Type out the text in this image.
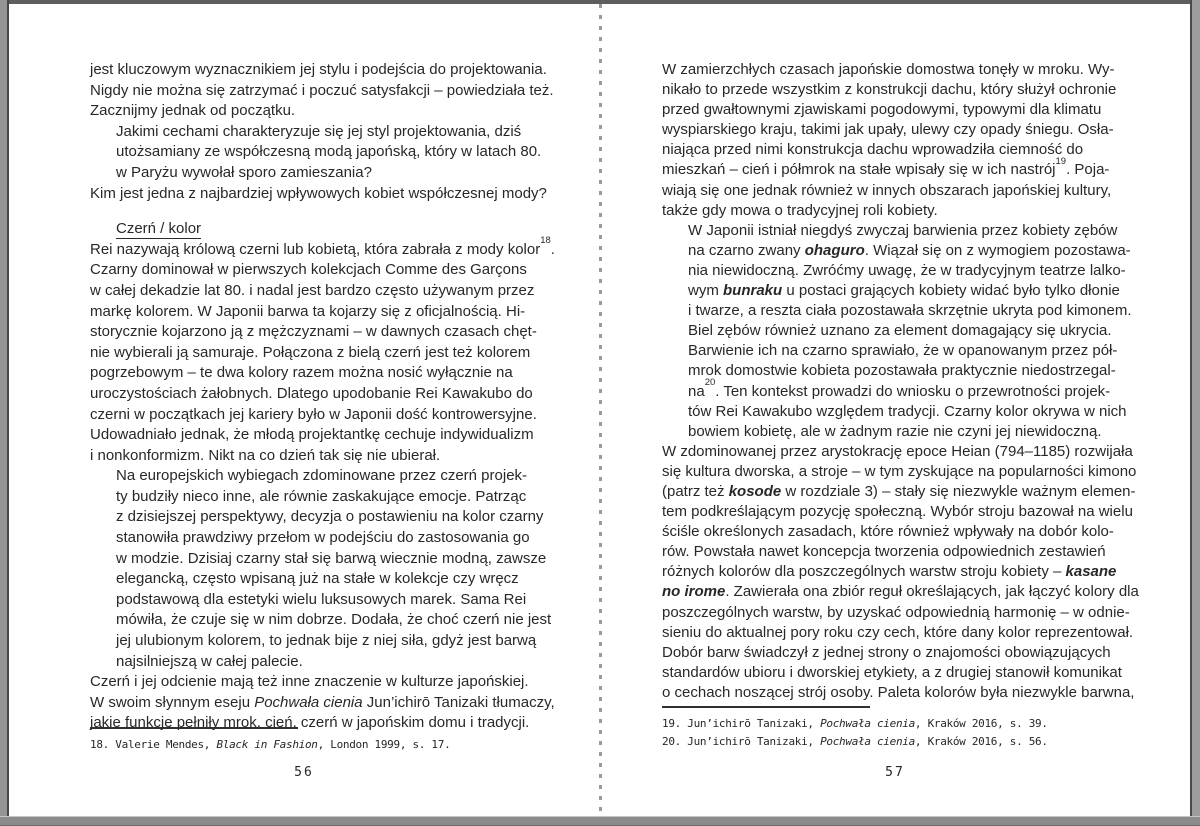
jest kluczowym wyznacznikiem jej stylu i podejścia do projektowania.
Nigdy nie można się zatrzymać i poczuć satysfakcji – powiedziała też.
Zacznijmy jednak od początku.
Jakimi cechami charakteryzuje się jej styl projektowania, dziś
utożsamiany ze współczesną modą japońską, który w latach 80.
w Paryżu wywołał sporo zamieszania?
Kim jest jedna z najbardziej wpływowych kobiet współczesnej mody?
Czerń / kolor
Rei nazywają królową czerni lub kobietą, która zabrała z mody kolor$^{18}$.
Czarny dominował w pierwszych kolekcjach Comme des Garçons
w całej dekadzie lat 80. i nadal jest bardzo często używanym przez
markę kolorem. W Japonii barwa ta kojarzy się z oficjalnością. Hi-
storycznie kojarzono ją z mężczyznami – w dawnych czasach chęt-
nie wybierali ją samuraje. Połączona z bielą czerń jest też kolorem
pogrzebowym – te dwa kolory razem można nosić wyłącznie na
uroczystościach żałobnych. Dlatego upodobanie Rei Kawakubo do
czerni w początkach jej kariery było w Japonii dość kontrowersyjne.
Udowadniało jednak, że młodą projektantkę cechuje indywidualizm
i nonkonformizm. Nikt na co dzień tak się nie ubierał.
Na europejskich wybiegach zdominowane przez czerń projek-
ty budziły nieco inne, ale równie zaskakujące emocje. Patrząc
z dzisiejszej perspektywy, decyzja o postawieniu na kolor czarny
stanowiła prawdziwy przełom w podejściu do zastosowania go
w modzie. Dzisiaj czarny stał się barwą wiecznie modną, zawsze
elegancką, często wpisaną już na stałe w kolekcje czy wręcz
podstawową dla estetyki wielu luksusowych marek. Sama Rei
mówiła, że czuje się w nim dobrze. Dodała, że choć czerń nie jest
jej ulubionym kolorem, to jednak bije z niej siła, gdyż jest barwą
najsilniejszą w całej palecie.
Czerń i jej odcienie mają też inne znaczenie w kulturze japońskiej.
W swoim słynnym eseju Pochwała cienia Jun’ichirō Tanizaki tłumaczy,
jakie funkcje pełniły mrok, cień, czerń w japońskim domu i tradycji.
W zamierzchłych czasach japońskie domostwa tonęły w mroku. Wy-
nikało to przede wszystkim z konstrukcji dachu, który służył ochronie
przed gwałtownymi zjawiskami pogodowymi, typowymi dla klimatu
wyspiarskiego kraju, takimi jak upały, ulewy czy opady śniegu. Osła-
niająca przed nimi konstrukcja dachu wprowadziła ciemność do
mieszkań – cień i półmrok na stałe wpisały się w ich nastrój$^{19}$. Poja-
wiają się one jednak również w innych obszarach japońskiej kultury,
także gdy mowa o tradycyjnej roli kobiety.
W Japonii istniał niegdyś zwyczaj barwienia przez kobiety zębów
na czarno zwany ohaguro. Wiązał się on z wymogiem pozostawa-
nia niewidoczną. Zwróćmy uwagę, że w tradycyjnym teatrze lalko-
wym bunraku u postaci grających kobiety widać było tylko dłonie
i twarze, a reszta ciała pozostawała skrzętnie ukryta pod kimonem.
Biel zębów również uznano za element domagający się ukrycia.
Barwienie ich na czarno sprawiało, że w opanowanym przez pół-
mrok domostwie kobieta pozostawała praktycznie niedostrzegal-
$na^{20}$. Ten kontekst prowadzi do wniosku o przewrotności projek-
tów Rei Kawakubo względem tradycji. Czarny kolor okrywa w nich
bowiem kobietę, ale w żadnym razie nie czyni jej niewidoczną.
W zdominowanej przez arystokrację epoce Heian (794–1185) rozwijała
się kultura dworska, a stroje – w tym zyskujące na popularności kimono
(patrz też kosode w rozdziale 3) – stały się niezwykle ważnym elemen-
tem podkreślającym pozycję społeczną. Wybór stroju bazował na wielu
ściśle określonych zasadach, które również wpływały na dobór kolo-
rów. Powstała nawet koncepcja tworzenia odpowiednich zestawień
różnych kolorów dla poszczególnych warstw stroju kobiety – kasane
no irome. Zawierała ona zbiór reguł określających, jak łączyć kolory dla
poszczególnych warstw, by uzyskać odpowiednią harmonię – w odnie-
sieniu do aktualnej pory roku czy cech, które dany kolor reprezentował.
Dobór barw świadczył z jednej strony o znajomości obowiązujących
standardów ubioru i dworskiej etykiety, a z drugiej stanowił komunikat
o cechach noszącej strój osoby. Paleta kolorów była niezwykle barwna,
18. Valerie Mendes, Black in Fashion, London 1999, s. 17.
19. Jun’ichirō Tanizaki, Pochwała cienia, Kraków 2016, s. 39.
20. Jun’ichirō Tanizaki, Pochwała cienia, Kraków 2016, s. 56.
56	57
